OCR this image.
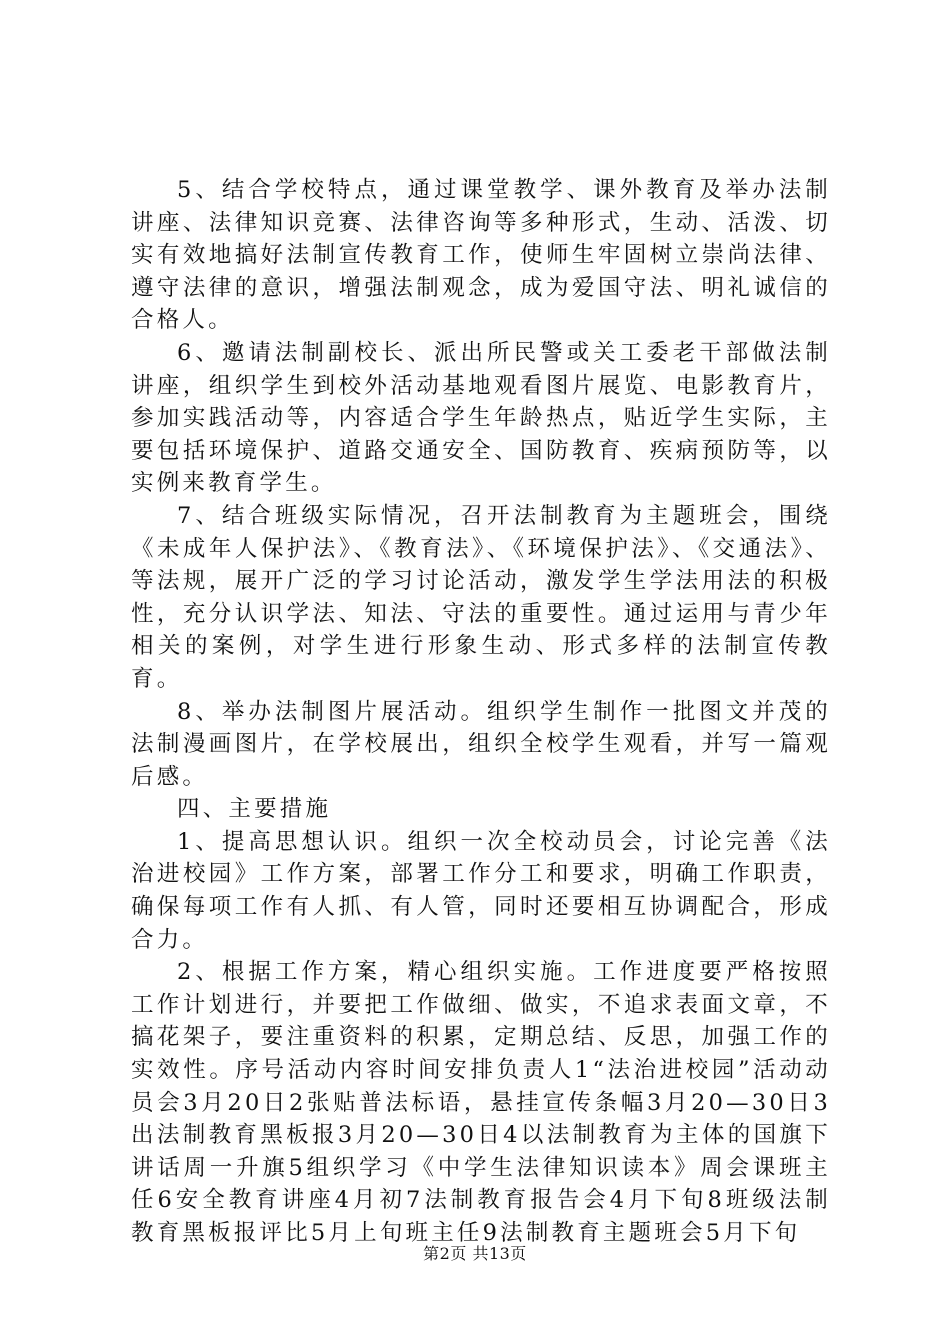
5、结合学校特点，通过课堂教学、课外教育及举办法制讲座、法律知识竞赛、法律咨询等多种形式，生动、活泼、切实有效地搞好法制宣传教育工作，使师生牢固树立崇尚法律、遵守法律的意识，增强法制观念，成为爱国守法、明礼诚信的合格人。

6、邀请法制副校长、派出所民警或关工委老干部做法制讲座，组织学生到校外活动基地观看图片展览、电影教育片，参加实践活动等，内容适合学生年龄热点，贴近学生实际，主要包括环境保护、道路交通安全、国防教育、疾病预防等，以实例来教育学生。

7、结合班级实际情况，召开法制教育为主题班会，围绕《未成年人保护法》、《教育法》、《环境保护法》、《交通法》、等法规，展开广泛的学习讨论活动，激发学生学法用法的积极性，充分认识学法、知法、守法的重要性。通过运用与青少年相关的案例，对学生进行形象生动、形式多样的法制宣传教育。

8、举办法制图片展活动。组织学生制作一批图文并茂的法制漫画图片，在学校展出，组织全校学生观看，并写一篇观后感。

四、主要措施

1、提高思想认识。组织一次全校动员会，讨论完善《法治进校园》工作方案，部署工作分工和要求，明确工作职责，确保每项工作有人抓、有人管，同时还要相互协调配合，形成合力。

2、根据工作方案，精心组织实施。工作进度要严格按照工作计划进行，并要把工作做细、做实，不追求表面文章，不搞花架子，要注重资料的积累，定期总结、反思，加强工作的实效性。序号活动内容时间安排负责人1“法治进校园”活动动员会3月20日2张贴普法标语，悬挂宣传条幅3月20—30日3出法制教育黑板报3月20—30日4以法制教育为主体的国旗下讲话周一升旗5组织学习《中学生法律知识读本》周会课班主任6安全教育讲座4月初7法制教育报告会4月下旬8班级法制教育黑板报评比5月上旬班主任9法制教育主题班会5月下旬

第2页 共13页
